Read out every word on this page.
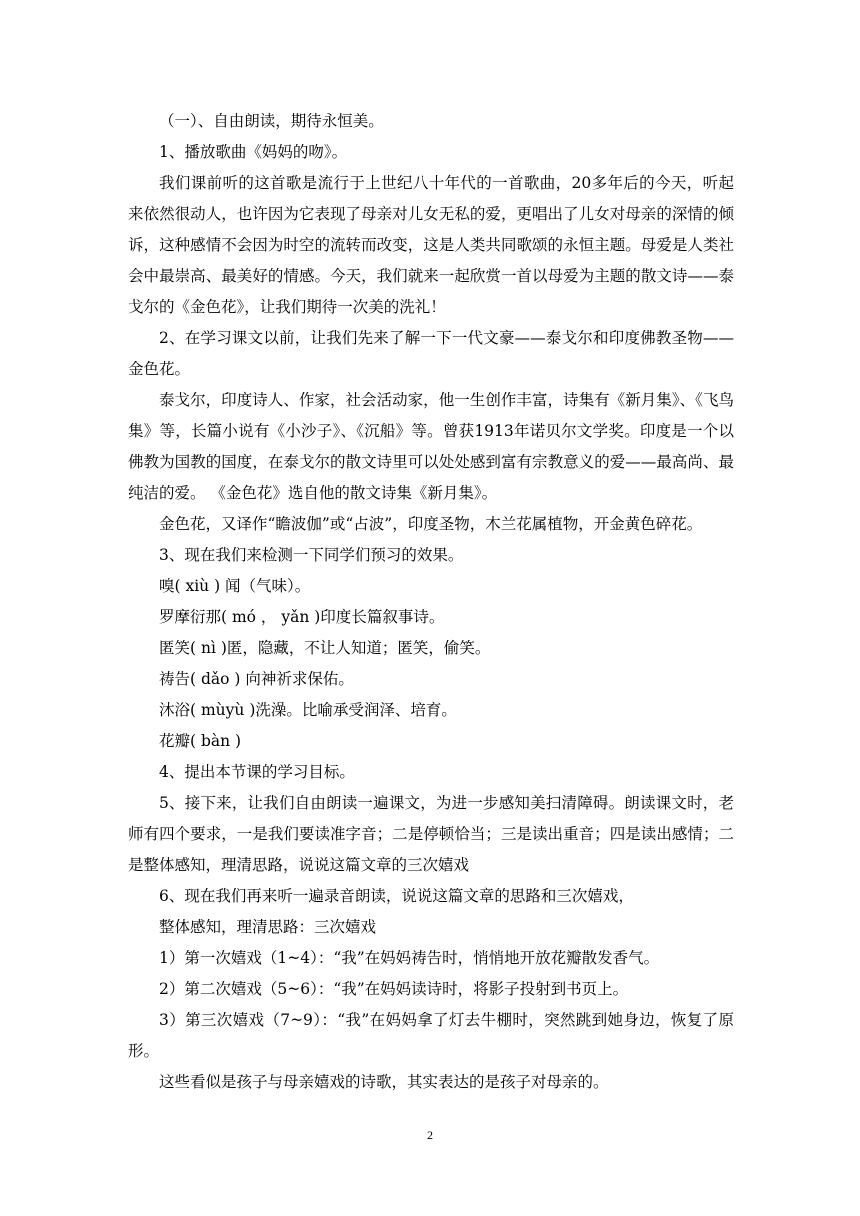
（一）、自由朗读，期待永恒美。

1、播放歌曲《妈妈的吻》。

我们课前听的这首歌是流行于上世纪八十年代的一首歌曲，20多年后的今天，听起来依然很动人，也许因为它表现了母亲对儿女无私的爱，更唱出了儿女对母亲的深情的倾诉，这种感情不会因为时空的流转而改变，这是人类共同歌颂的永恒主题。母爱是人类社会中最崇高、最美好的情感。今天，我们就来一起欣赏一首以母爱为主题的散文诗——泰戈尔的《金色花》，让我们期待一次美的洗礼！

2、在学习课文以前，让我们先来了解一下一代文豪——泰戈尔和印度佛教圣物——金色花。

泰戈尔，印度诗人、作家，社会活动家，他一生创作丰富，诗集有《新月集》、《飞鸟集》等，长篇小说有《小沙子》、《沉船》等。曾获1913年诺贝尔文学奖。印度是一个以佛教为国教的国度，在泰戈尔的散文诗里可以处处感到富有宗教意义的爱——最高尚、最纯洁的爱。 《金色花》选自他的散文诗集《新月集》。

金色花，又译作“瞻波伽”或“占波”，印度圣物，木兰花属植物，开金黄色碎花。

3、现在我们来检测一下同学们预习的效果。

嗅( xiù ) 闻（气味）。

罗摩衍那( mó ， yǎn )印度长篇叙事诗。

匿笑( nì )匿，隐藏，不让人知道；匿笑，偷笑。

祷告( dǎo ) 向神祈求保佑。

沐浴( mùyù )洗澡。比喻承受润泽、培育。

花瓣( bàn )

4、提出本节课的学习目标。

5、接下来，让我们自由朗读一遍课文，为进一步感知美扫清障碍。朗读课文时，老师有四个要求，一是我们要读准字音；二是停顿恰当；三是读出重音；四是读出感情；二是整体感知，理清思路，说说这篇文章的三次嬉戏

6、现在我们再来听一遍录音朗读，说说这篇文章的思路和三次嬉戏，

整体感知，理清思路：三次嬉戏

1）第一次嬉戏（1~4）：“我”在妈妈祷告时，悄悄地开放花瓣散发香气。

2）第二次嬉戏（5~6）：“我”在妈妈读诗时，将影子投射到书页上。

3）第三次嬉戏（7~9）：“我”在妈妈拿了灯去牛棚时，突然跳到她身边，恢复了原形。

这些看似是孩子与母亲嬉戏的诗歌，其实表达的是孩子对母亲的。

2
